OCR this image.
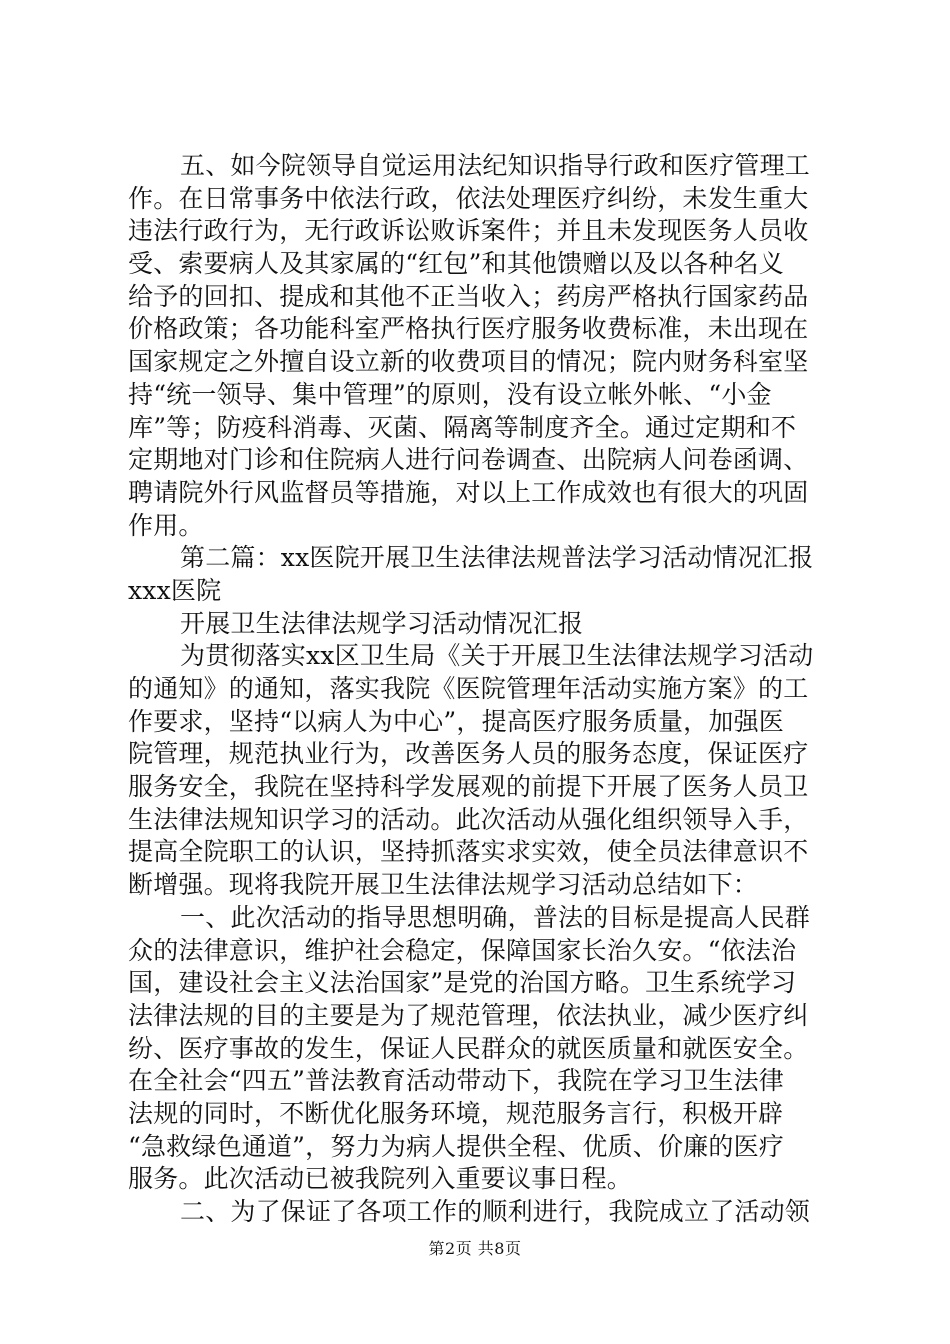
五、如今院领导自觉运用法纪知识指导行政和医疗管理工
作。在日常事务中依法行政，依法处理医疗纠纷，未发生重大
违法行政行为，无行政诉讼败诉案件；并且未发现医务人员收
受、索要病人及其家属的“红包”和其他馈赠以及以各种名义
给予的回扣、提成和其他不正当收入；药房严格执行国家药品
价格政策；各功能科室严格执行医疗服务收费标准，未出现在
国家规定之外擅自设立新的收费项目的情况；院内财务科室坚
持“统一领导、集中管理”的原则，没有设立帐外帐、“小金
库”等；防疫科消毒、灭菌、隔离等制度齐全。通过定期和不
定期地对门诊和住院病人进行问卷调查、出院病人问卷函调、
聘请院外行风监督员等措施，对以上工作成效也有很大的巩固
作用。
第二篇：xx医院开展卫生法律法规普法学习活动情况汇报
xxx医院
开展卫生法律法规学习活动情况汇报
为贯彻落实xx区卫生局《关于开展卫生法律法规学习活动
的通知》的通知，落实我院《医院管理年活动实施方案》的工
作要求，坚持“以病人为中心”，提高医疗服务质量，加强医
院管理，规范执业行为，改善医务人员的服务态度，保证医疗
服务安全，我院在坚持科学发展观的前提下开展了医务人员卫
生法律法规知识学习的活动。此次活动从强化组织领导入手，
提高全院职工的认识，坚持抓落实求实效，使全员法律意识不
断增强。现将我院开展卫生法律法规学习活动总结如下：
一、此次活动的指导思想明确，普法的目标是提高人民群
众的法律意识，维护社会稳定，保障国家长治久安。“依法治
国，建设社会主义法治国家”是党的治国方略。卫生系统学习
法律法规的目的主要是为了规范管理，依法执业，减少医疗纠
纷、医疗事故的发生，保证人民群众的就医质量和就医安全。
在全社会“四五”普法教育活动带动下，我院在学习卫生法律
法规的同时，不断优化服务环境，规范服务言行，积极开辟
“急救绿色通道”，努力为病人提供全程、优质、价廉的医疗
服务。此次活动已被我院列入重要议事日程。
二、为了保证了各项工作的顺利进行，我院成立了活动领
第2页 共8页
